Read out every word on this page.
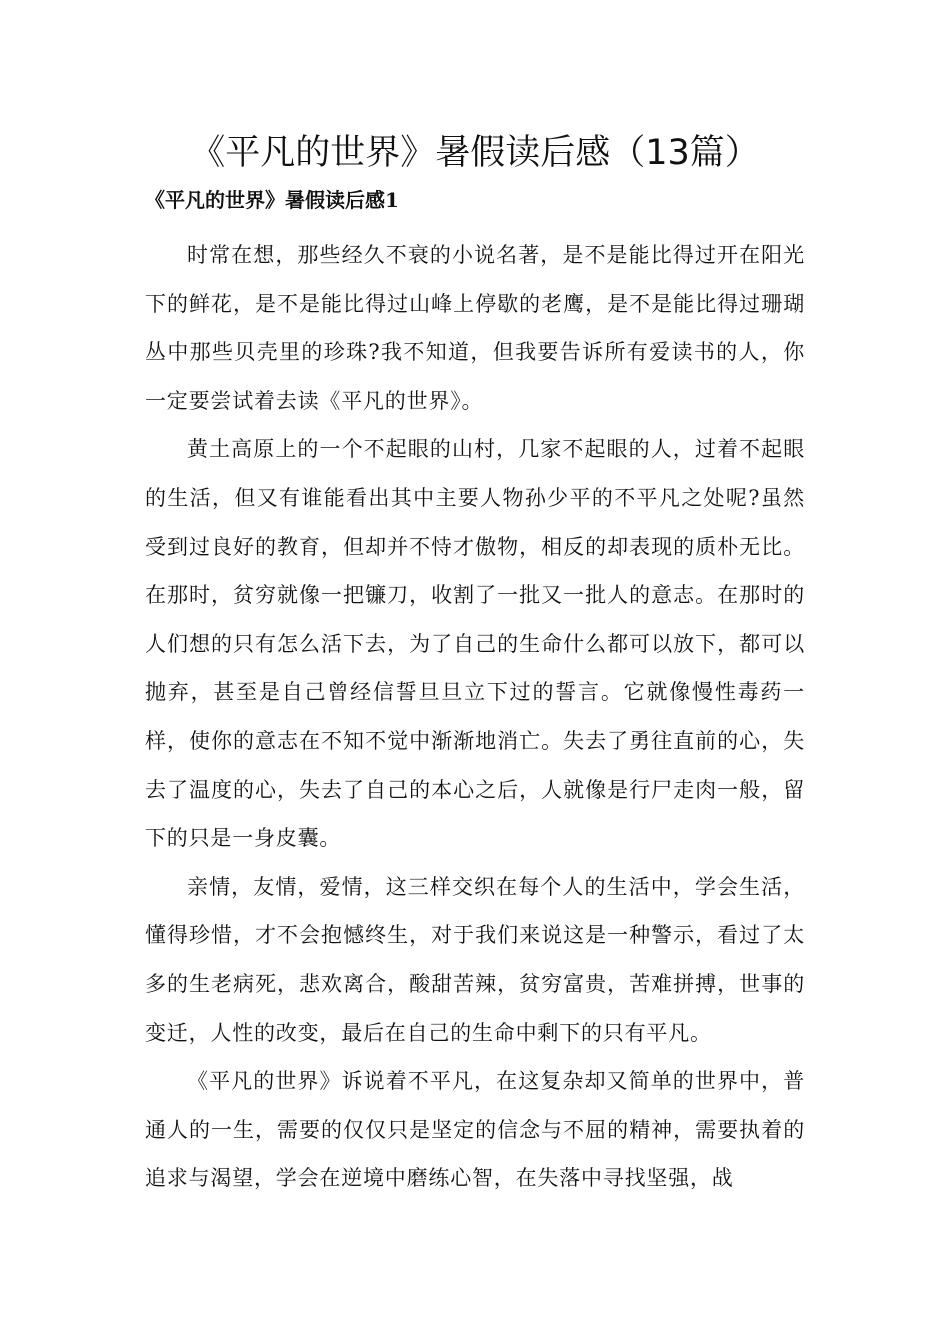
《平凡的世界》暑假读后感（13篇）
《平凡的世界》暑假读后感1

时常在想，那些经久不衰的小说名著，是不是能比得过开在阳光下的鲜花，是不是能比得过山峰上停歇的老鹰，是不是能比得过珊瑚丛中那些贝壳里的珍珠?我不知道，但我要告诉所有爱读书的人，你一定要尝试着去读《平凡的世界》。

黄土高原上的一个不起眼的山村，几家不起眼的人，过着不起眼的生活，但又有谁能看出其中主要人物孙少平的不平凡之处呢?虽然受到过良好的教育，但却并不恃才傲物，相反的却表现的质朴无比。在那时，贫穷就像一把镰刀，收割了一批又一批人的意志。在那时的人们想的只有怎么活下去，为了自己的生命什么都可以放下，都可以抛弃，甚至是自己曾经信誓旦旦立下过的誓言。它就像慢性毒药一样，使你的意志在不知不觉中渐渐地消亡。失去了勇往直前的心，失去了温度的心，失去了自己的本心之后，人就像是行尸走肉一般，留下的只是一身皮囊。

亲情，友情，爱情，这三样交织在每个人的生活中，学会生活，懂得珍惜，才不会抱憾终生，对于我们来说这是一种警示，看过了太多的生老病死，悲欢离合，酸甜苦辣，贫穷富贵，苦难拼搏，世事的变迁，人性的改变，最后在自己的生命中剩下的只有平凡。

《平凡的世界》诉说着不平凡，在这复杂却又简单的世界中，普通人的一生，需要的仅仅只是坚定的信念与不屈的精神，需要执着的追求与渴望，学会在逆境中磨练心智，在失落中寻找坚强，战
